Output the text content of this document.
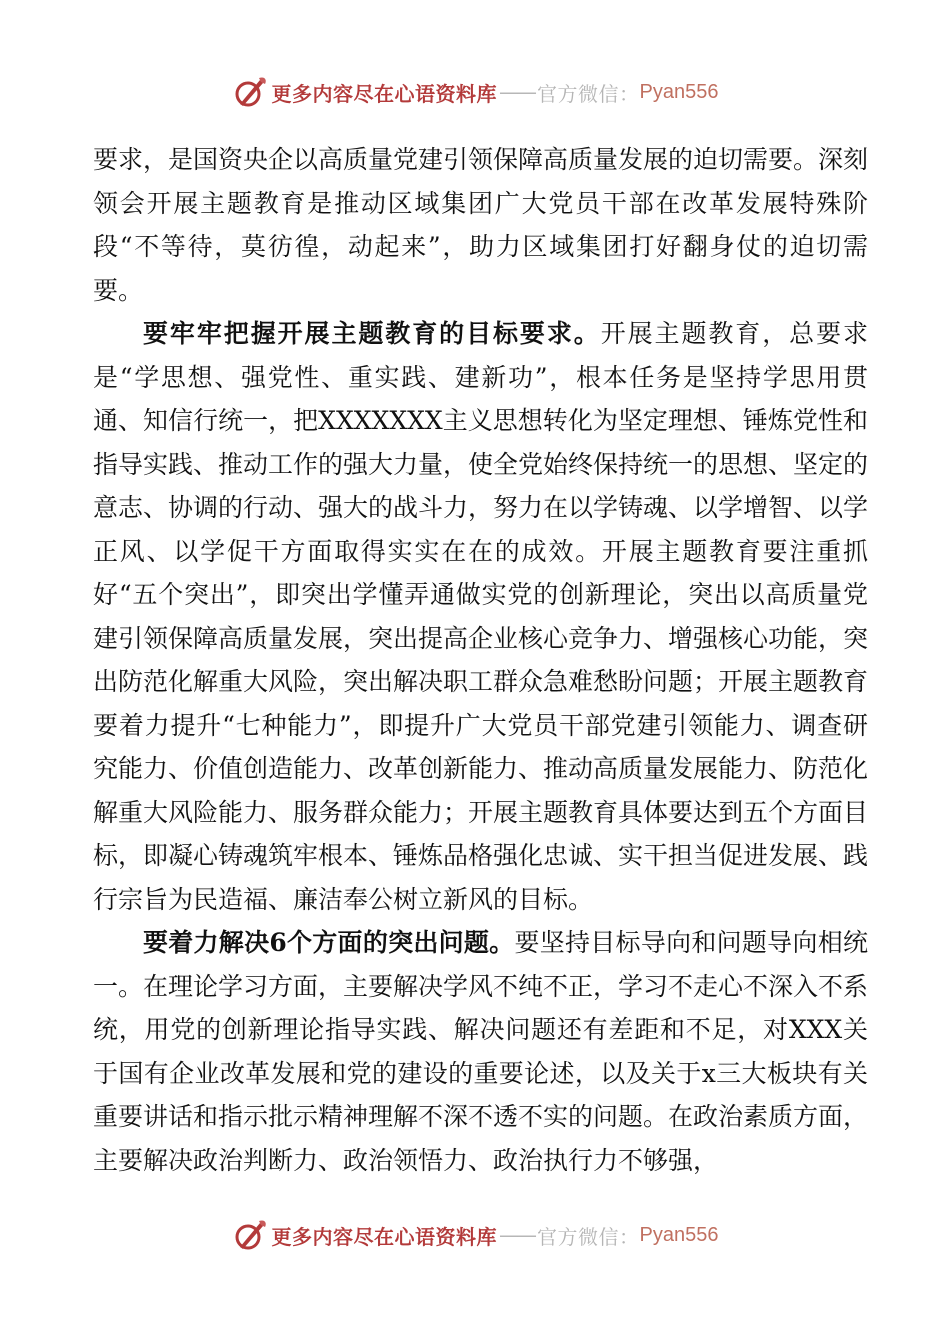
更多内容尽在心语资料库 —— 官方微信： Pyan556

要求，是国资央企以高质量党建引领保障高质量发展的迫切需要。深刻领会开展主题教育是推动区域集团广大党员干部在改革发展特殊阶段“不等待，莫彷徨，动起来”，助力区域集团打好翻身仗的迫切需要。

要牢牢把握开展主题教育的目标要求。开展主题教育，总要求是“学思想、强党性、重实践、建新功”，根本任务是坚持学思用贯通、知信行统一，把XXXXXXX主义思想转化为坚定理想、锤炼党性和指导实践、推动工作的强大力量，使全党始终保持统一的思想、坚定的意志、协调的行动、强大的战斗力，努力在以学铸魂、以学增智、以学正风、以学促干方面取得实实在在的成效。开展主题教育要注重抓好“五个突出”，即突出学懂弄通做实党的创新理论，突出以高质量党建引领保障高质量发展，突出提高企业核心竞争力、增强核心功能，突出防范化解重大风险，突出解决职工群众急难愁盼问题；开展主题教育要着力提升“七种能力”，即提升广大党员干部党建引领能力、调查研究能力、价值创造能力、改革创新能力、推动高质量发展能力、防范化解重大风险能力、服务群众能力；开展主题教育具体要达到五个方面目标，即凝心铸魂筑牢根本、锤炼品格强化忠诚、实干担当促进发展、践行宗旨为民造福、廉洁奉公树立新风的目标。

要着力解决6个方面的突出问题。要坚持目标导向和问题导向相统一。在理论学习方面，主要解决学风不纯不正，学习不走心不深入不系统，用党的创新理论指导实践、解决问题还有差距和不足，对XXX关于国有企业改革发展和党的建设的重要论述，以及关于x三大板块有关重要讲话和指示批示精神理解不深不透不实的问题。在政治素质方面，主要解决政治判断力、政治领悟力、政治执行力不够强，

更多内容尽在心语资料库 —— 官方微信： Pyan556
